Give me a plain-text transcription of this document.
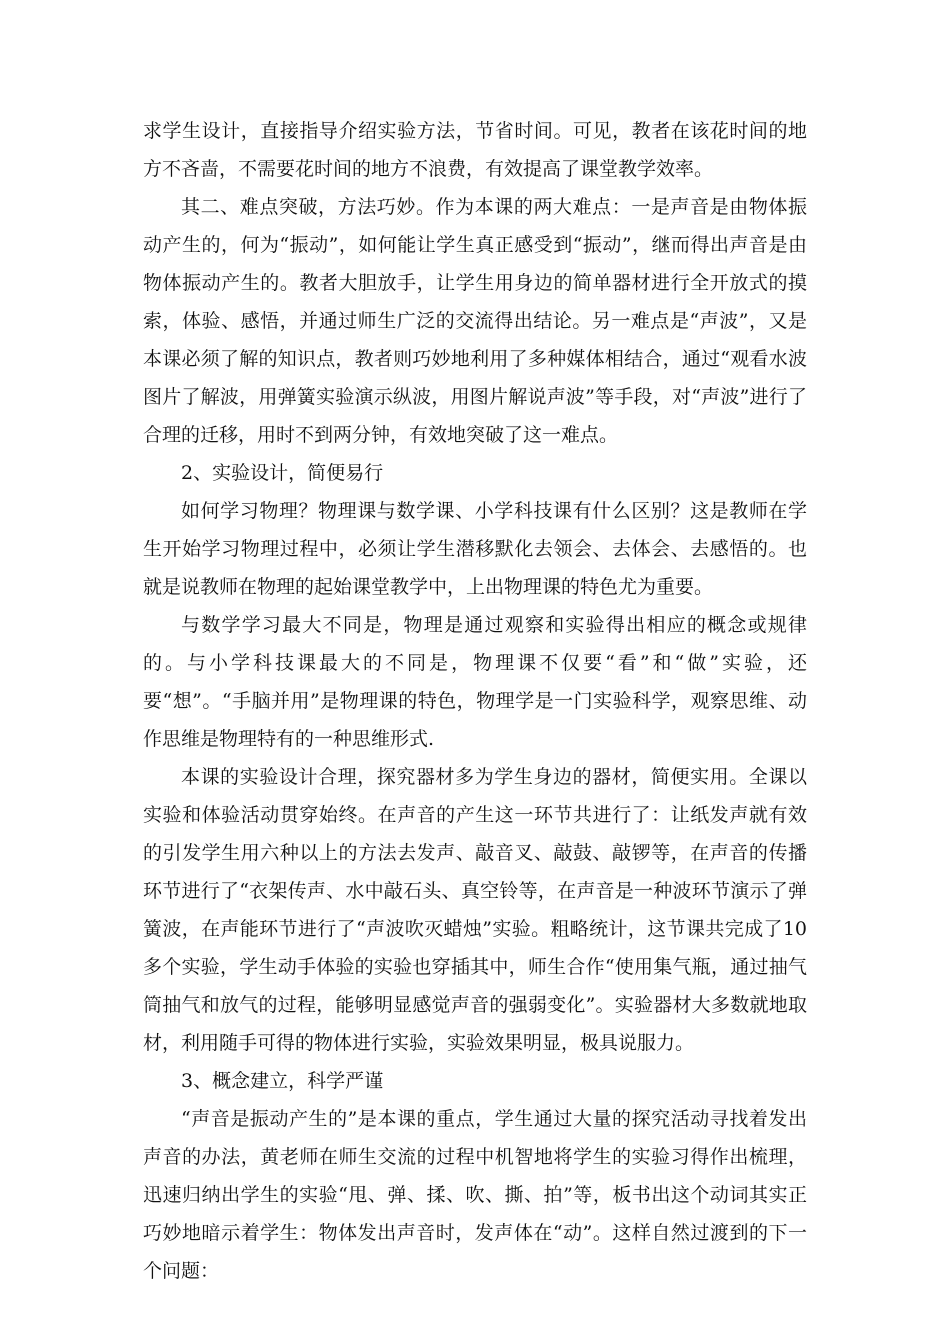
求学生设计，直接指导介绍实验方法，节省时间。可见，教者在该花时间的地方不吝啬，不需要花时间的地方不浪费，有效提高了课堂教学效率。

其二、难点突破，方法巧妙。作为本课的两大难点：一是声音是由物体振动产生的，何为“振动”，如何能让学生真正感受到“振动”，继而得出声音是由物体振动产生的。教者大胆放手，让学生用身边的简单器材进行全开放式的摸索，体验、感悟，并通过师生广泛的交流得出结论。另一难点是“声波”，又是本课必须了解的知识点，教者则巧妙地利用了多种媒体相结合，通过“观看水波图片了解波，用弹簧实验演示纵波，用图片解说声波”等手段，对“声波”进行了合理的迁移，用时不到两分钟，有效地突破了这一难点。

2、实验设计，简便易行

如何学习物理？物理课与数学课、小学科技课有什么区别？这是教师在学生开始学习物理过程中，必须让学生潜移默化去领会、去体会、去感悟的。也就是说教师在物理的起始课堂教学中，上出物理课的特色尤为重要。

与数学学习最大不同是，物理是通过观察和实验得出相应的概念或规律的。与小学科技课最大的不同是，物理课不仅要“看”和“做”实验，还要“想”。“手脑并用”是物理课的特色，物理学是一门实验科学，观察思维、动作思维是物理特有的一种思维形式.

本课的实验设计合理，探究器材多为学生身边的器材，简便实用。全课以实验和体验活动贯穿始终。在声音的产生这一环节共进行了：让纸发声就有效的引发学生用六种以上的方法去发声、敲音叉、敲鼓、敲锣等，在声音的传播环节进行了“衣架传声、水中敲石头、真空铃等，在声音是一种波环节演示了弹簧波，在声能环节进行了“声波吹灭蜡烛”实验。粗略统计，这节课共完成了10多个实验，学生动手体验的实验也穿插其中，师生合作“使用集气瓶，通过抽气筒抽气和放气的过程，能够明显感觉声音的强弱变化”。实验器材大多数就地取材，利用随手可得的物体进行实验，实验效果明显，极具说服力。

3、概念建立，科学严谨

“声音是振动产生的”是本课的重点，学生通过大量的探究活动寻找着发出声音的办法，黄老师在师生交流的过程中机智地将学生的实验习得作出梳理，迅速归纳出学生的实验“甩、弹、揉、吹、撕、拍”等，板书出这个动词其实正巧妙地暗示着学生：物体发出声音时，发声体在“动”。这样自然过渡到的下一个问题：
